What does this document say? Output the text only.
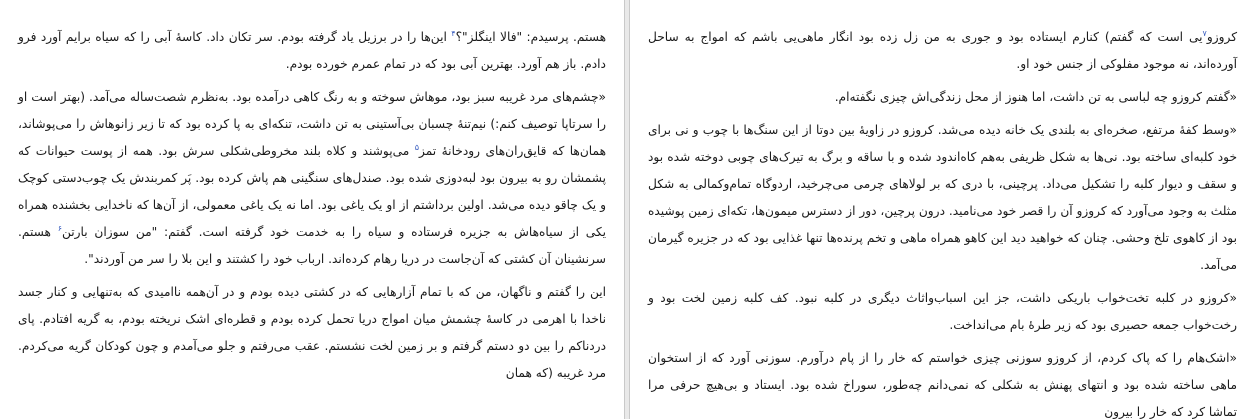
هستم. پرسیدم: "فالا اینگلز"؟$^۴$ این‌ها را در برزیل یاد گرفته بودم. سر تکان داد. کاسهٔ آبی را که سیاه برایم آورد فرو دادم. باز هم آورد. بهترین آبی بود که در تمام عمرم خورده بودم.

«چشم‌های مرد غریبه سبز بود، موهاش سوخته و به رنگ کاهی درآمده بود. به‌نظرم شصت‌ساله می‌آمد. (بهتر است او را سرتاپا توصیف کنم:) نیم‌تنهٔ چسبان بی‌آستینی به تن داشت، تنکه‌ای به پا کرده بود که تا زیر زانوهاش را می‌پوشاند، همان‌ها که قایق‌ران‌های رودخانهٔ تمز$^۵$ می‌پوشند و کلاه بلند مخروطی‌شکلی سرش بود. همه از پوست حیوانات که پشمشان رو به بیرون بود لبه‌دوزی شده بود. صندل‌های سنگینی هم پاش کرده بود. پَر کمربندش یک چوب‌دستی کوچک و یک چاقو دیده می‌شد. اولین برداشتم از او یک یاغی بود. اما نه یک یاغی معمولی، از آن‌ها که ناخدایی بخشنده همراه یکی از سیاه‌هاش به جزیره فرستاده و سیاه را به خدمت خود گرفته است. گفتم: "من سوزان بارتن$^۶$ هستم. سرنشینان آن کشتی که آن‌جاست در دریا رهام کرده‌اند. ارباب خود را کشتند و این بلا را سر من آوردند".

این را گفتم و ناگهان، من که با تمام آزارهایی که در کشتی دیده بودم و در آن‌همه ناامیدی که به‌تنهایی و کنار جسد ناخدا با اهرمی در کاسهٔ چشمش میان امواج دریا تحمل کرده بودم و قطره‌ای اشک نریخته بودم، به گریه افتادم. پای دردناکم را بین دو دستم گرفتم و بر زمین لخت نشستم. عقب می‌رفتم و جلو می‌آمدم و چون کودکان گریه می‌کردم. مرد غریبه (که همان

کروزو$^۷$یی است که گفتم) کنارم ایستاده بود و جوری به من زل زده بود انگار ماهی‌یی باشم که امواج به ساحل آورده‌اند، نه موجود مفلوکی از جنس خود او.

«گفتم کروزو چه لباسی به تن داشت، اما هنوز از محل زندگی‌اش چیزی نگفته‌ام.

«وسط کفهٔ مرتفع، صخره‌ای به بلندی یک خانه دیده می‌شد. کروزو در زاویهٔ بین دوتا از این سنگ‌ها با چوب و نی برای خود کلبه‌ای ساخته بود. نی‌ها به شکل ظریفی به‌هم کاه‌اندود شده و با ساقه و برگ به تیرک‌های چوبی دوخته شده بود و سقف و دیوار کلبه را تشکیل می‌داد. پرچینی، با دری که بر لولاهای چرمی می‌چرخید، اردوگاه تمام‌وکمالی به شکل مثلث به وجود می‌آورد که کروزو آن را قصر خود می‌نامید. درون پرچین، دور از دسترس میمون‌ها، تکه‌ای زمین پوشیده بود از کاهوی تلخ وحشی. چنان که خواهید دید این کاهو همراه ماهی و تخم پرنده‌ها تنها غذایی بود که در جزیره گیرمان می‌آمد.

«کروزو در کلبه تخت‌خواب باریکی داشت، جز این اسباب‌واثاث دیگری در کلبه نبود. کف کلبه زمین لخت بود و رخت‌خواب جمعه حصیری بود که زیر طرهٔ بام می‌انداخت.

«اشک‌هام را که پاک کردم، از کروزو سوزنی چیزی خواستم که خار را از پام درآورم. سوزنی آورد که از استخوان ماهی ساخته شده بود و انتهای پهنش به شکلی که نمی‌دانم چه‌طور، سوراخ شده بود. ایستاد و بی‌هیچ حرفی مرا تماشا کرد که خار را بیرون
